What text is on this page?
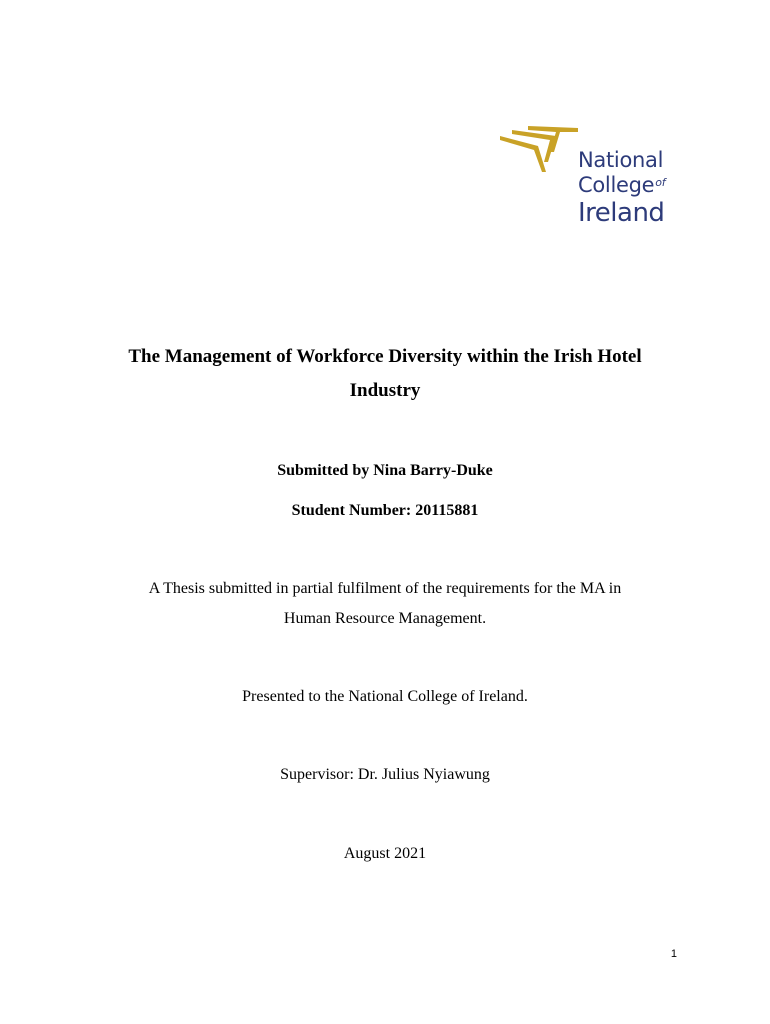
National
College$^{of}$
Ireland
The Management of Workforce Diversity within the Irish Hotel
Industry
Submitted by Nina Barry-Duke
Student Number: 20115881
A Thesis submitted in partial fulfilment of the requirements for the MA in
Human Resource Management.
Presented to the National College of Ireland.
Supervisor: Dr. Julius Nyiawung
August 2021
1
